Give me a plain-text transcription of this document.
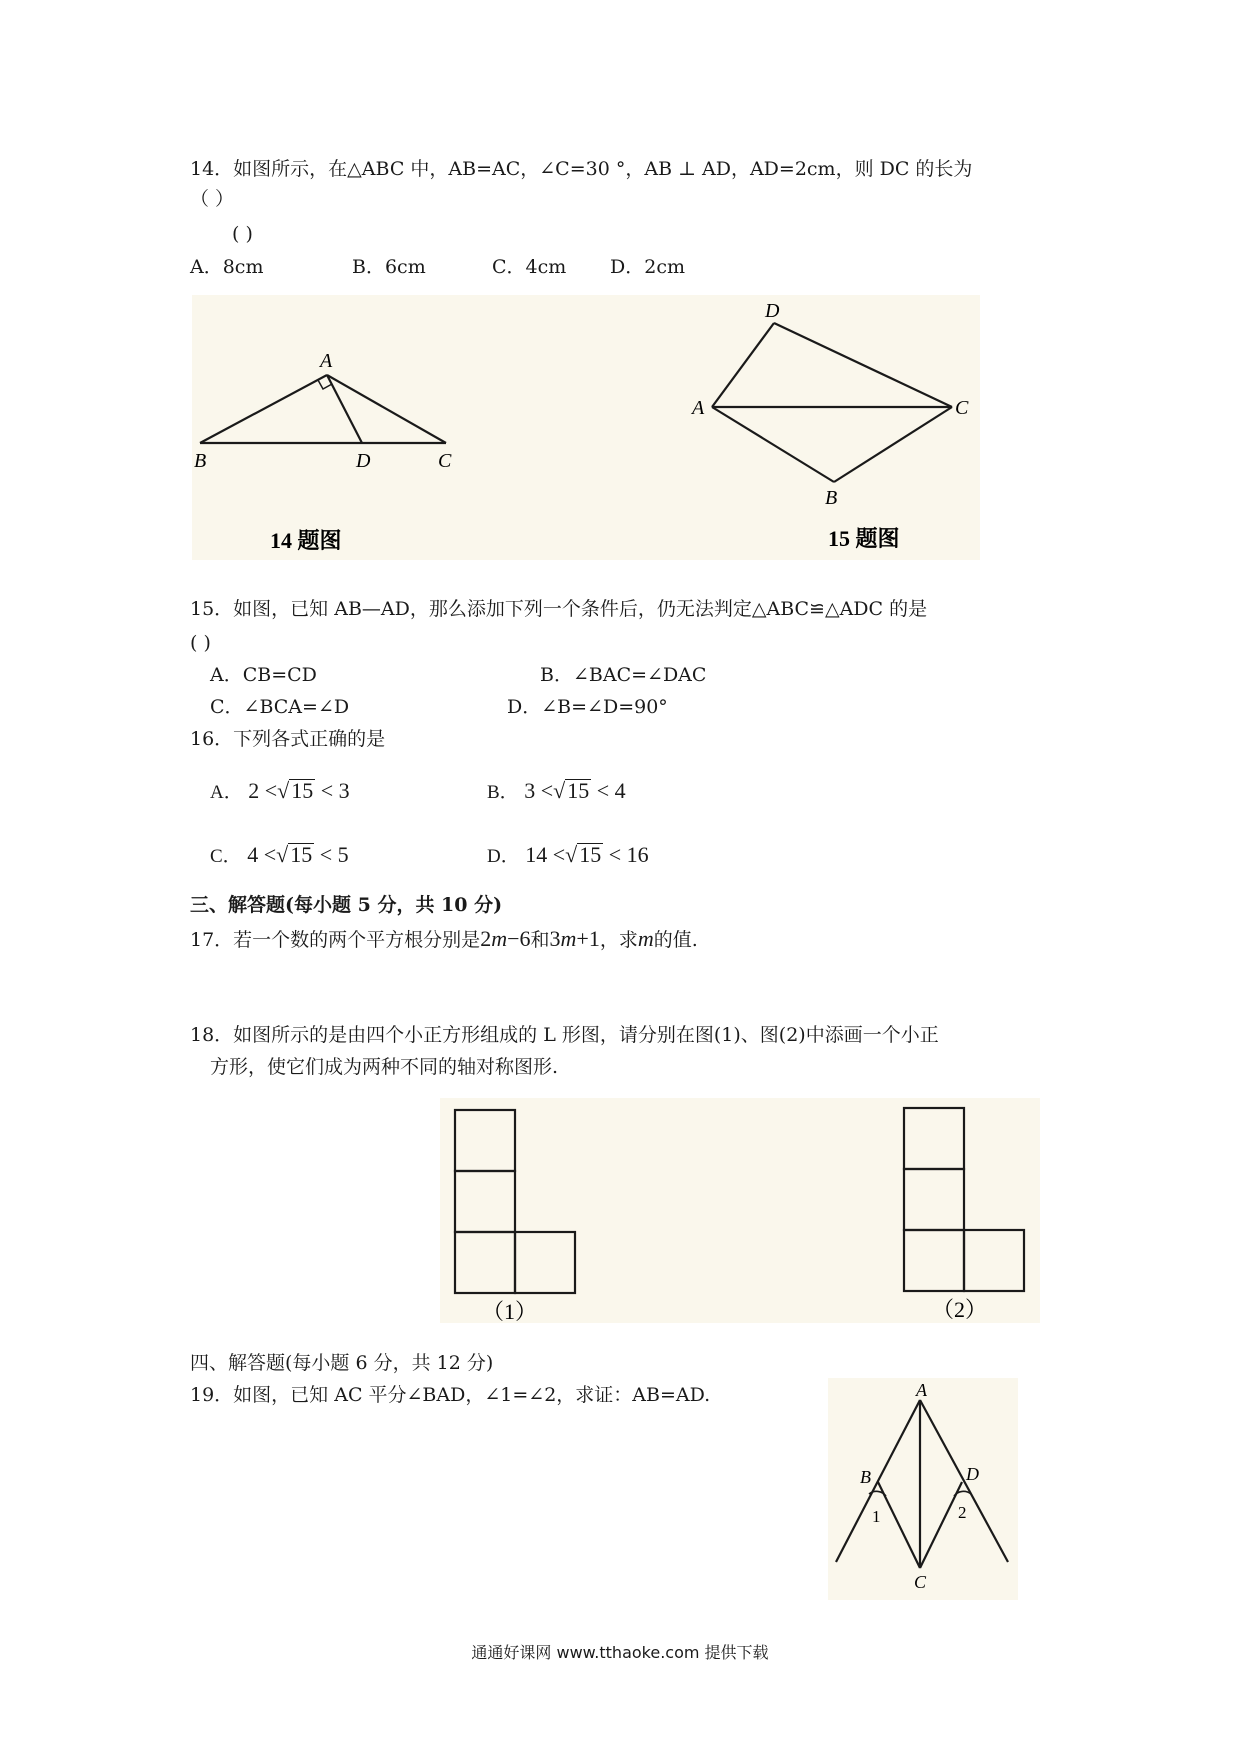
14．如图所示，在△ABC 中，AB=AC，∠C=30 °，AB ⊥ AD，AD=2cm，则 DC 的长为
（ ）
( )
A．8cm	B．6cm	C．4cm D．2cm
A
B	D	C
14 题图
D
A	C
B
15 题图
15．如图，已知 AB—AD，那么添加下列一个条件后，仍无法判定△ABC≌△ADC 的是
( )
A．CB=CD	B．∠BAC=∠DAC
C．∠BCA=∠D	D．∠B=∠D=90°
16．下列各式正确的是
A． 2 <√15 < 3	B． 3 <√15 < 4
C． 4 <√15 < 5	D． 14 <√15 < 16
三、解答题(每小题 5 分，共 10 分)
17．若一个数的两个平方根分别是2m−6和3m+1，求m的值.
18．如图所示的是由四个小正方形组成的 L 形图，请分别在图(1)、图(2)中添画一个小正
方形，使它们成为两种不同的轴对称图形.
（1）	（2）
四、解答题(每小题 6 分，共 12 分)
19．如图，已知 AC 平分∠BAD，∠1=∠2，求证：AB=AD.	A
B	D
C
1	2
通通好课网 www.tthaoke.com 提供下载
